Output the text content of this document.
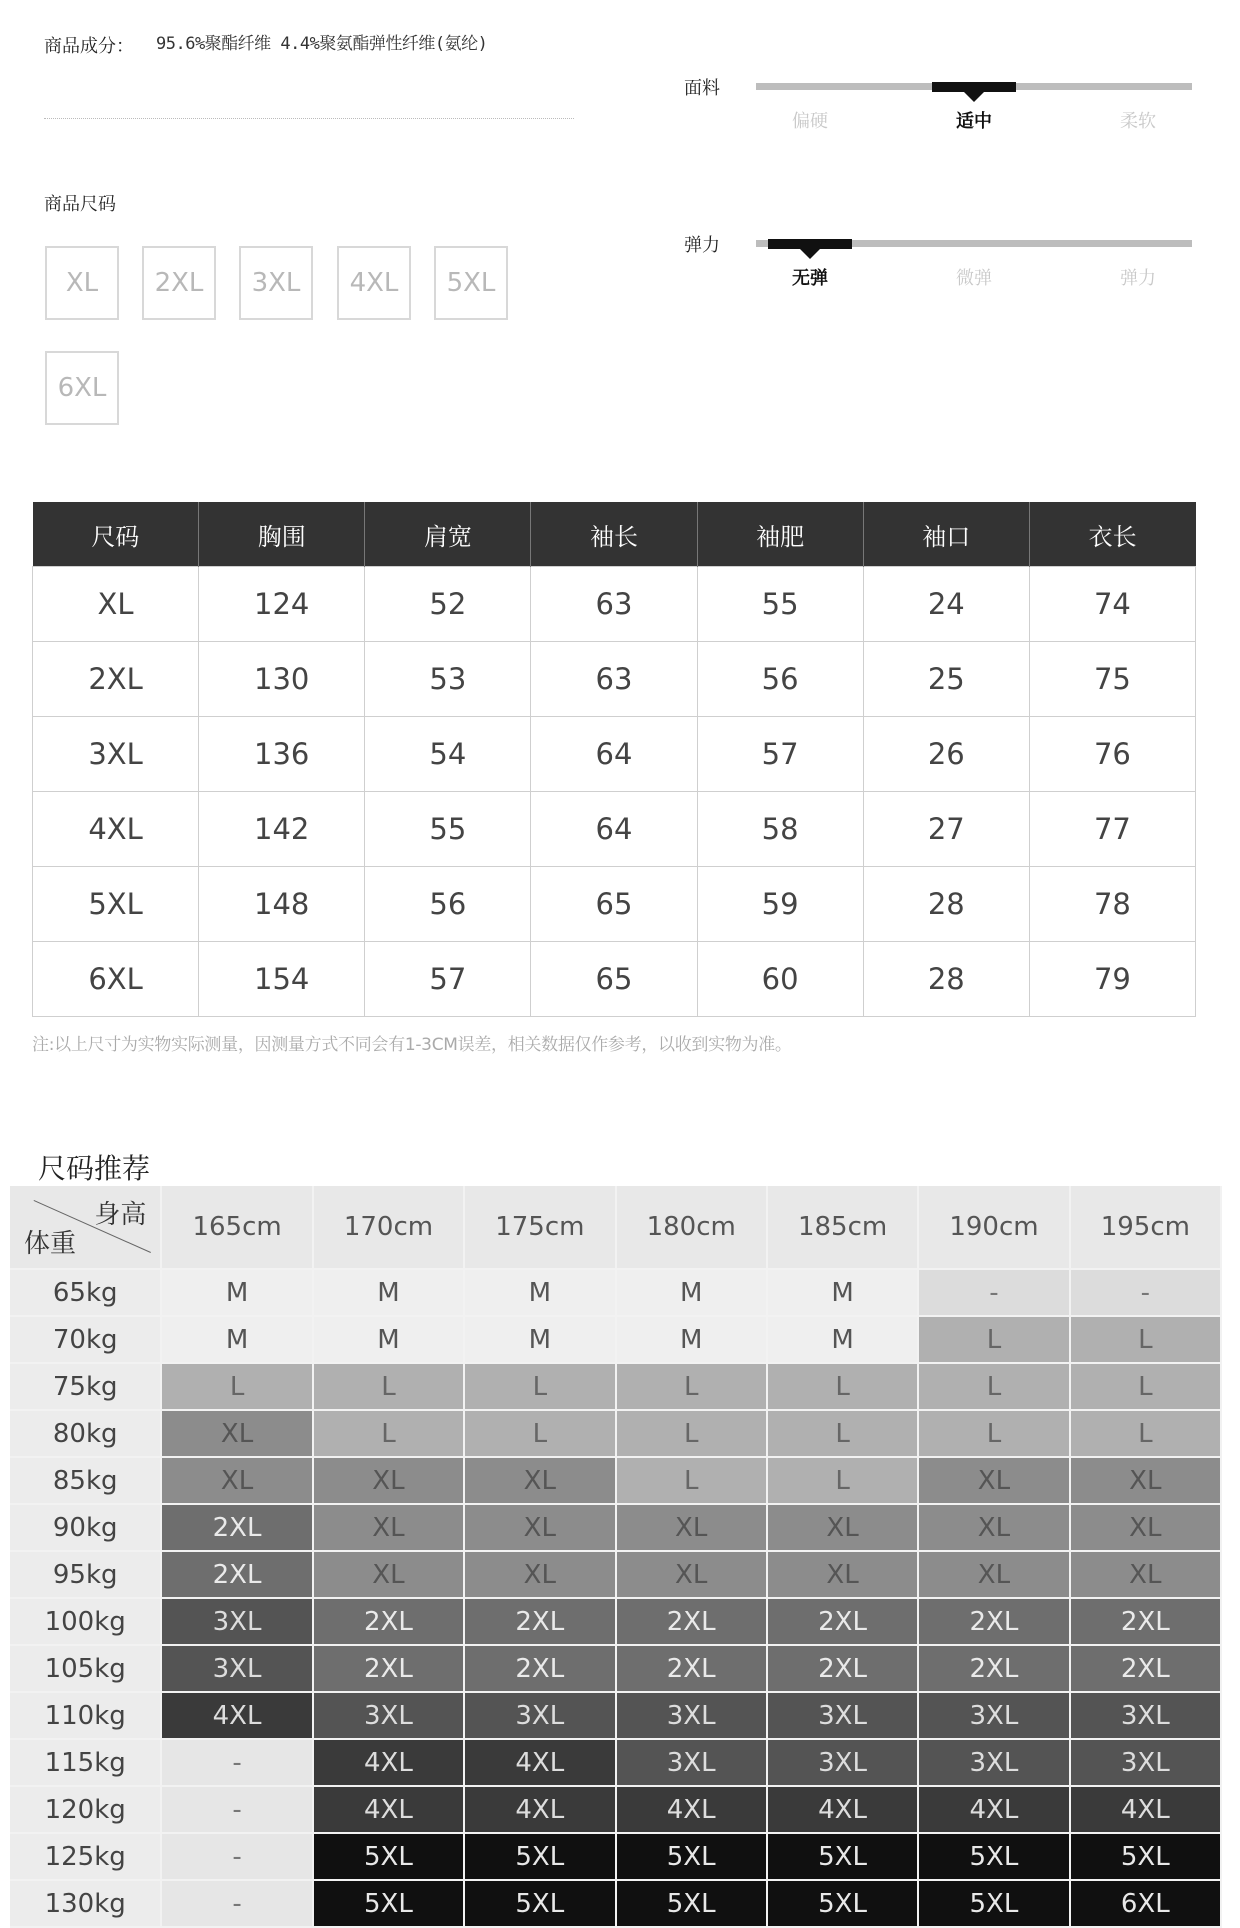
商品成分： 95.6%聚酯纤维 4.4%聚氨酯弹性纤维(氨纶)
商品尺码
XL	2XL	3XL	4XL	5XL
6XL
面料
偏硬	适中	柔软
弹力
无弹	微弹	弹力
尺码	胸围	肩宽	袖长	袖肥	袖口	衣长
XL	124	52	63	55	24	74
2XL	130	53	63	56	25	75
3XL	136	54	64	57	26	76
4XL	142	55	64	58	27	77
5XL	148	56	65	59	28	78
6XL	154	57	65	60	28	79
注:以上尺寸为实物实际测量，因测量方式不同会有1-3CM误差，相关数据仅作参考，以收到实物为准。
尺码推荐
身高
体重	165cm	170cm	175cm	180cm	185cm	190cm	195cm
65kg	M	M	M	M	M	-	-
70kg	M	M	M	M	M	L	L
75kg	L	L	L	L	L	L	L
80kg	XL	L	L	L	L	L	L
85kg	XL	XL	XL	L	L	XL	XL
90kg	2XL	XL	XL	XL	XL	XL	XL
95kg	2XL	XL	XL	XL	XL	XL	XL
100kg	3XL	2XL	2XL	2XL	2XL	2XL	2XL
105kg	3XL	2XL	2XL	2XL	2XL	2XL	2XL
110kg	4XL	3XL	3XL	3XL	3XL	3XL	3XL
115kg	-	4XL	4XL	3XL	3XL	3XL	3XL
120kg	-	4XL	4XL	4XL	4XL	4XL	4XL
125kg	-	5XL	5XL	5XL	5XL	5XL	5XL
130kg	-	5XL	5XL	5XL	5XL	5XL	6XL
